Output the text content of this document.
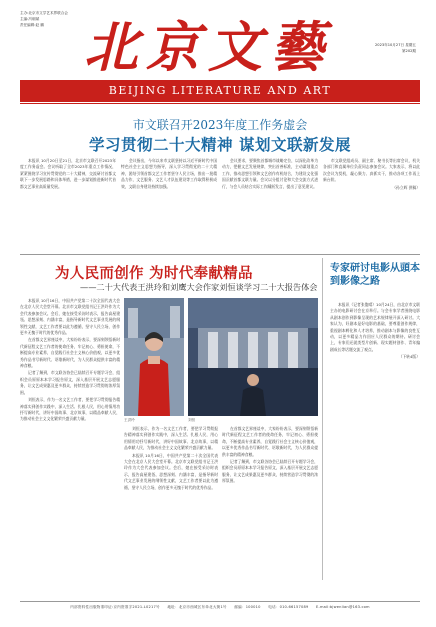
主办:北京市文学艺术界联合会
主编:冯朝斌
责任编辑:赵 鹏 北京文藝	2023年10月27日 星期五
第202期
BEIJING LITERATURE AND ART
市文联召开2023年度工作务虚会
学习贯彻二十大精神 谋划文联新发展

本报讯 10月20日至21日，北京市文联召开2023年度工作务虚会。会议听取了全市2023年重点工作情况，紧紧围绕学习宣传贯彻党的二十大精神，交流研讨首都文联下一步发展思路和具体举措，进一步谋划推进新时代首都文艺事业高质量发展。

会议指出，今年以来市文联坚持以习近平新时代中国特色社会主义思想为指导，深入学习贯彻党的二十大精神，团结引领首都文艺工作者坚守人民立场，推出一批精品力作，文艺服务、文艺人才队伍建设等工作取得积极成效，文联自身建设持续加强。

会议要求，要聚焦首都城市战略定位，以深化改革为动力，把握文艺发展规律，突出首善标准，主动谋划重点工作，推动思想引领和文艺创作有机结合，为建设文化强国贡献首都文联力量。会议以分组讨论和大会交流方式进行，与会人员结合实际工作踊跃发言，提出了意见建议。

市文联党组成员、副主席、秘书长等出席会议，机关各部门和直属单位负责同志参加会议。大家表示，将以此次会议为契机，凝心聚力、真抓实干，推动各项工作再上新台阶。

（孙立辉 供稿）
为人民而创作 为时代奉献精品
——二十大代表王洪玲和刘鹰大会作家刘恒谈学习二十大报告体会

本报讯 10月16日，中国共产党第二十次全国代表大会在北京人民大会堂开幕。北京市文联党组书记王洪玲作为大会代表参加会议。会后，她在接受采访时表示，报告高屋建瓴、思想深刻、内涵丰富，是指导新时代文艺事业发展的纲领性文献，文艺工作者要以此为遵循，坚守人民立场，创作更多无愧于时代的优秀作品。

在首都文艺界座谈中，大家纷纷表示，要深刻领悟新时代新征程文艺工作者的使命任务，牢记初心、勇担使命，不断提高专业素养，自觉践行社会主义核心价值观，以更多优秀作品书写新时代、讴歌新时代，为人民群众提供丰富的精神食粮。

记者了解到，市文联各协会已陆续召开专题学习会，组织会员原原本本学习报告原文，深入基层开展文艺志愿服务，让文艺成果惠及更多群众，持续营造学习贯彻的浓厚氛围。

刘恒表示，作为一名文艺工作者，要把学习贯彻报告精神落实到创作实践中，深入生活、扎根人民，用心用情用功抒写新时代，讲好中国故事、北京故事，以精品奉献人民，为推动社会主义文化繁荣兴盛贡献力量。	王洪玲	刘恒

刘恒表示，作为一名文艺工作者，要把学习贯彻报告精神落实到创作实践中，深入生活、扎根人民，用心用情用功抒写新时代，讲好中国故事、北京故事，以精品奉献人民，为推动社会主义文化繁荣兴盛贡献力量。

本报讯 10月16日，中国共产党第二十次全国代表大会在北京人民大会堂开幕。北京市文联党组书记王洪玲作为大会代表参加会议。会后，她在接受采访时表示，报告高屋建瓴、思想深刻、内涵丰富，是指导新时代文艺事业发展的纲领性文献，文艺工作者要以此为遵循，坚守人民立场，创作更多无愧于时代的优秀作品。

在首都文艺界座谈中，大家纷纷表示，要深刻领悟新时代新征程文艺工作者的使命任务，牢记初心、勇担使命，不断提高专业素养，自觉践行社会主义核心价值观，以更多优秀作品书写新时代、讴歌新时代，为人民群众提供丰富的精神食粮。

记者了解到，市文联各协会已陆续召开专题学习会，组织会员原原本本学习报告原文，深入基层开展文艺志愿服务，让文艺成果惠及更多群众，持续营造学习贯彻的浓厚氛围。

专家研讨电影从頭本到影像之路

本报讯（记者张俊晴）10月24日，由北京市文联主办的电影研讨会在京举行。与会专家学者围绕电影从剧本创作到影像呈现的艺术规律展开深入研讨。大家认为，好剧本是好电影的基础，要尊重创作规律，重视剧本孵化和人才培养，推动剧本与影像的良性互动，以更多精品力作回应人民群众的期待。研讨会上，专家们还就类型片创新、现实题材创作、青年编剧成长等话题交流了观点。

（下转4版）
内部资料性出版物准印证:京内资准字2021-L0217号　　地址：北京市西城区东单北大街1号　　邮编：100010　　电话：010-66157089　　E-mail:bjwenlian@163.com
